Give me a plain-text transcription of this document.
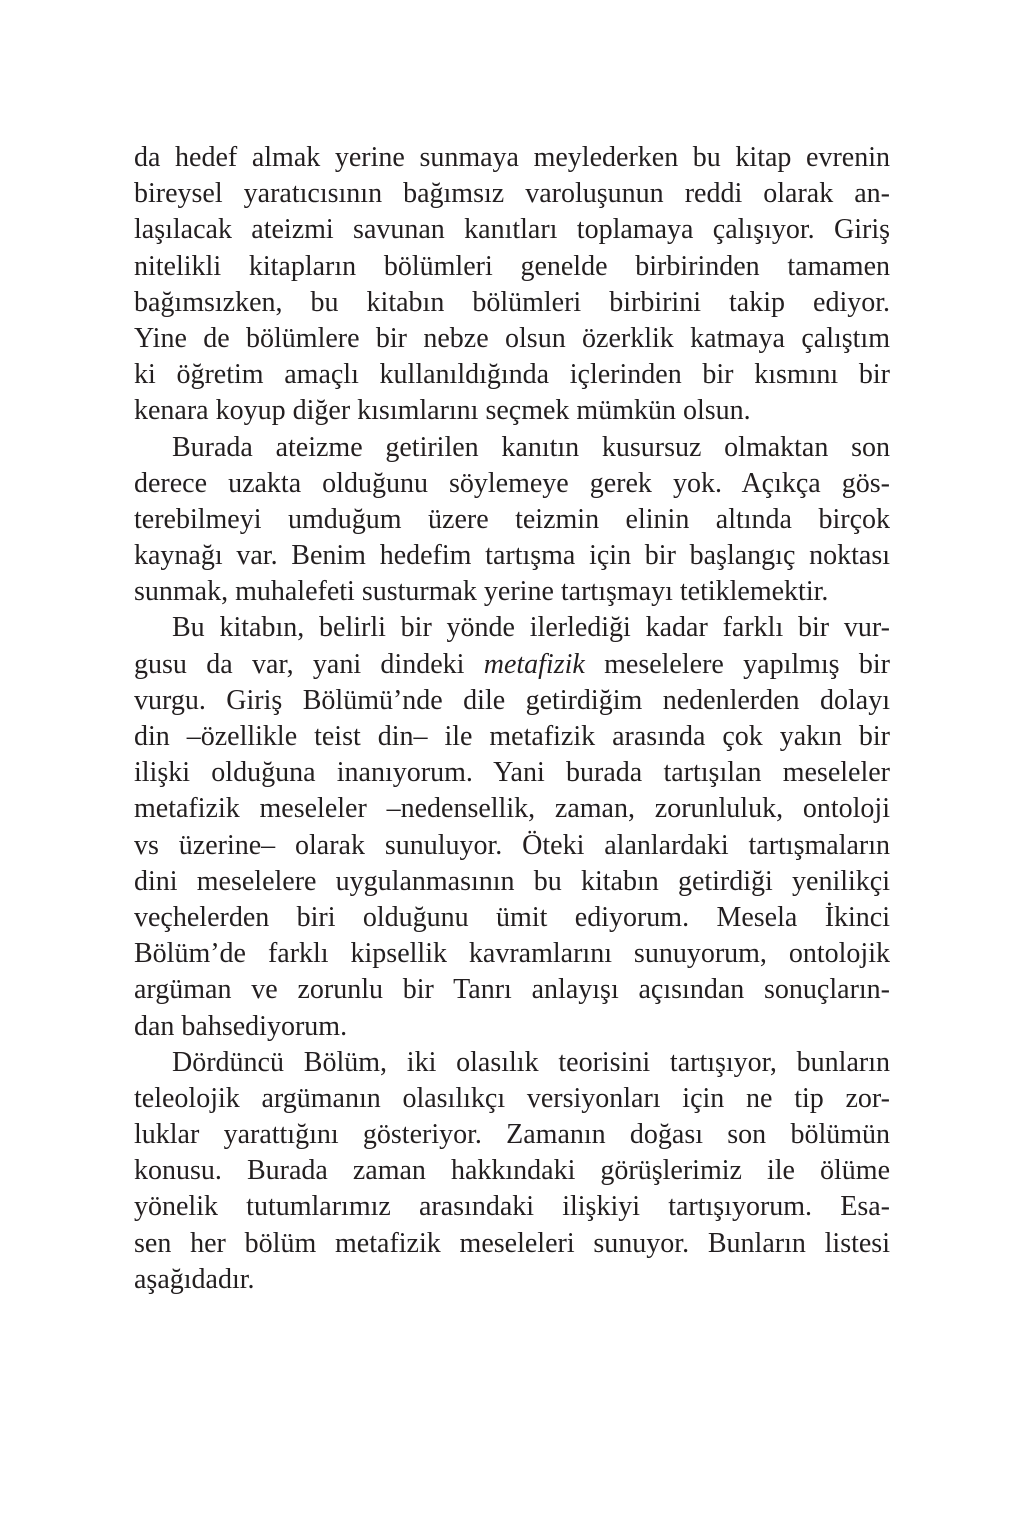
da hedef almak yerine sunmaya meylederken bu kitap evrenin
bireysel yaratıcısının bağımsız varoluşunun reddi olarak an-
laşılacak ateizmi savunan kanıtları toplamaya çalışıyor. Giriş
nitelikli kitapların bölümleri genelde birbirinden tamamen
bağımsızken, bu kitabın bölümleri birbirini takip ediyor.
Yine de bölümlere bir nebze olsun özerklik katmaya çalıştım
ki öğretim amaçlı kullanıldığında içlerinden bir kısmını bir
kenara koyup diğer kısımlarını seçmek mümkün olsun.
Burada ateizme getirilen kanıtın kusursuz olmaktan son
derece uzakta olduğunu söylemeye gerek yok. Açıkça gös-
terebilmeyi umduğum üzere teizmin elinin altında birçok
kaynağı var. Benim hedefim tartışma için bir başlangıç noktası
sunmak, muhalefeti susturmak yerine tartışmayı tetiklemektir.
Bu kitabın, belirli bir yönde ilerlediği kadar farklı bir vur-
gusu da var, yani dindeki metafizik meselelere yapılmış bir
vurgu. Giriş Bölümü’nde dile getirdiğim nedenlerden dolayı
din –özellikle teist din– ile metafizik arasında çok yakın bir
ilişki olduğuna inanıyorum. Yani burada tartışılan meseleler
metafizik meseleler –nedensellik, zaman, zorunluluk, ontoloji
vs üzerine– olarak sunuluyor. Öteki alanlardaki tartışmaların
dini meselelere uygulanmasının bu kitabın getirdiği yenilikçi
veçhelerden biri olduğunu ümit ediyorum. Mesela İkinci
Bölüm’de farklı kipsellik kavramlarını sunuyorum, ontolojik
argüman ve zorunlu bir Tanrı anlayışı açısından sonuçların-
dan bahsediyorum.
Dördüncü Bölüm, iki olasılık teorisini tartışıyor, bunların
teleolojik argümanın olasılıkçı versiyonları için ne tip zor-
luklar yarattığını gösteriyor. Zamanın doğası son bölümün
konusu. Burada zaman hakkındaki görüşlerimiz ile ölüme
yönelik tutumlarımız arasındaki ilişkiyi tartışıyorum. Esa-
sen her bölüm metafizik meseleleri sunuyor. Bunların listesi
aşağıdadır.
